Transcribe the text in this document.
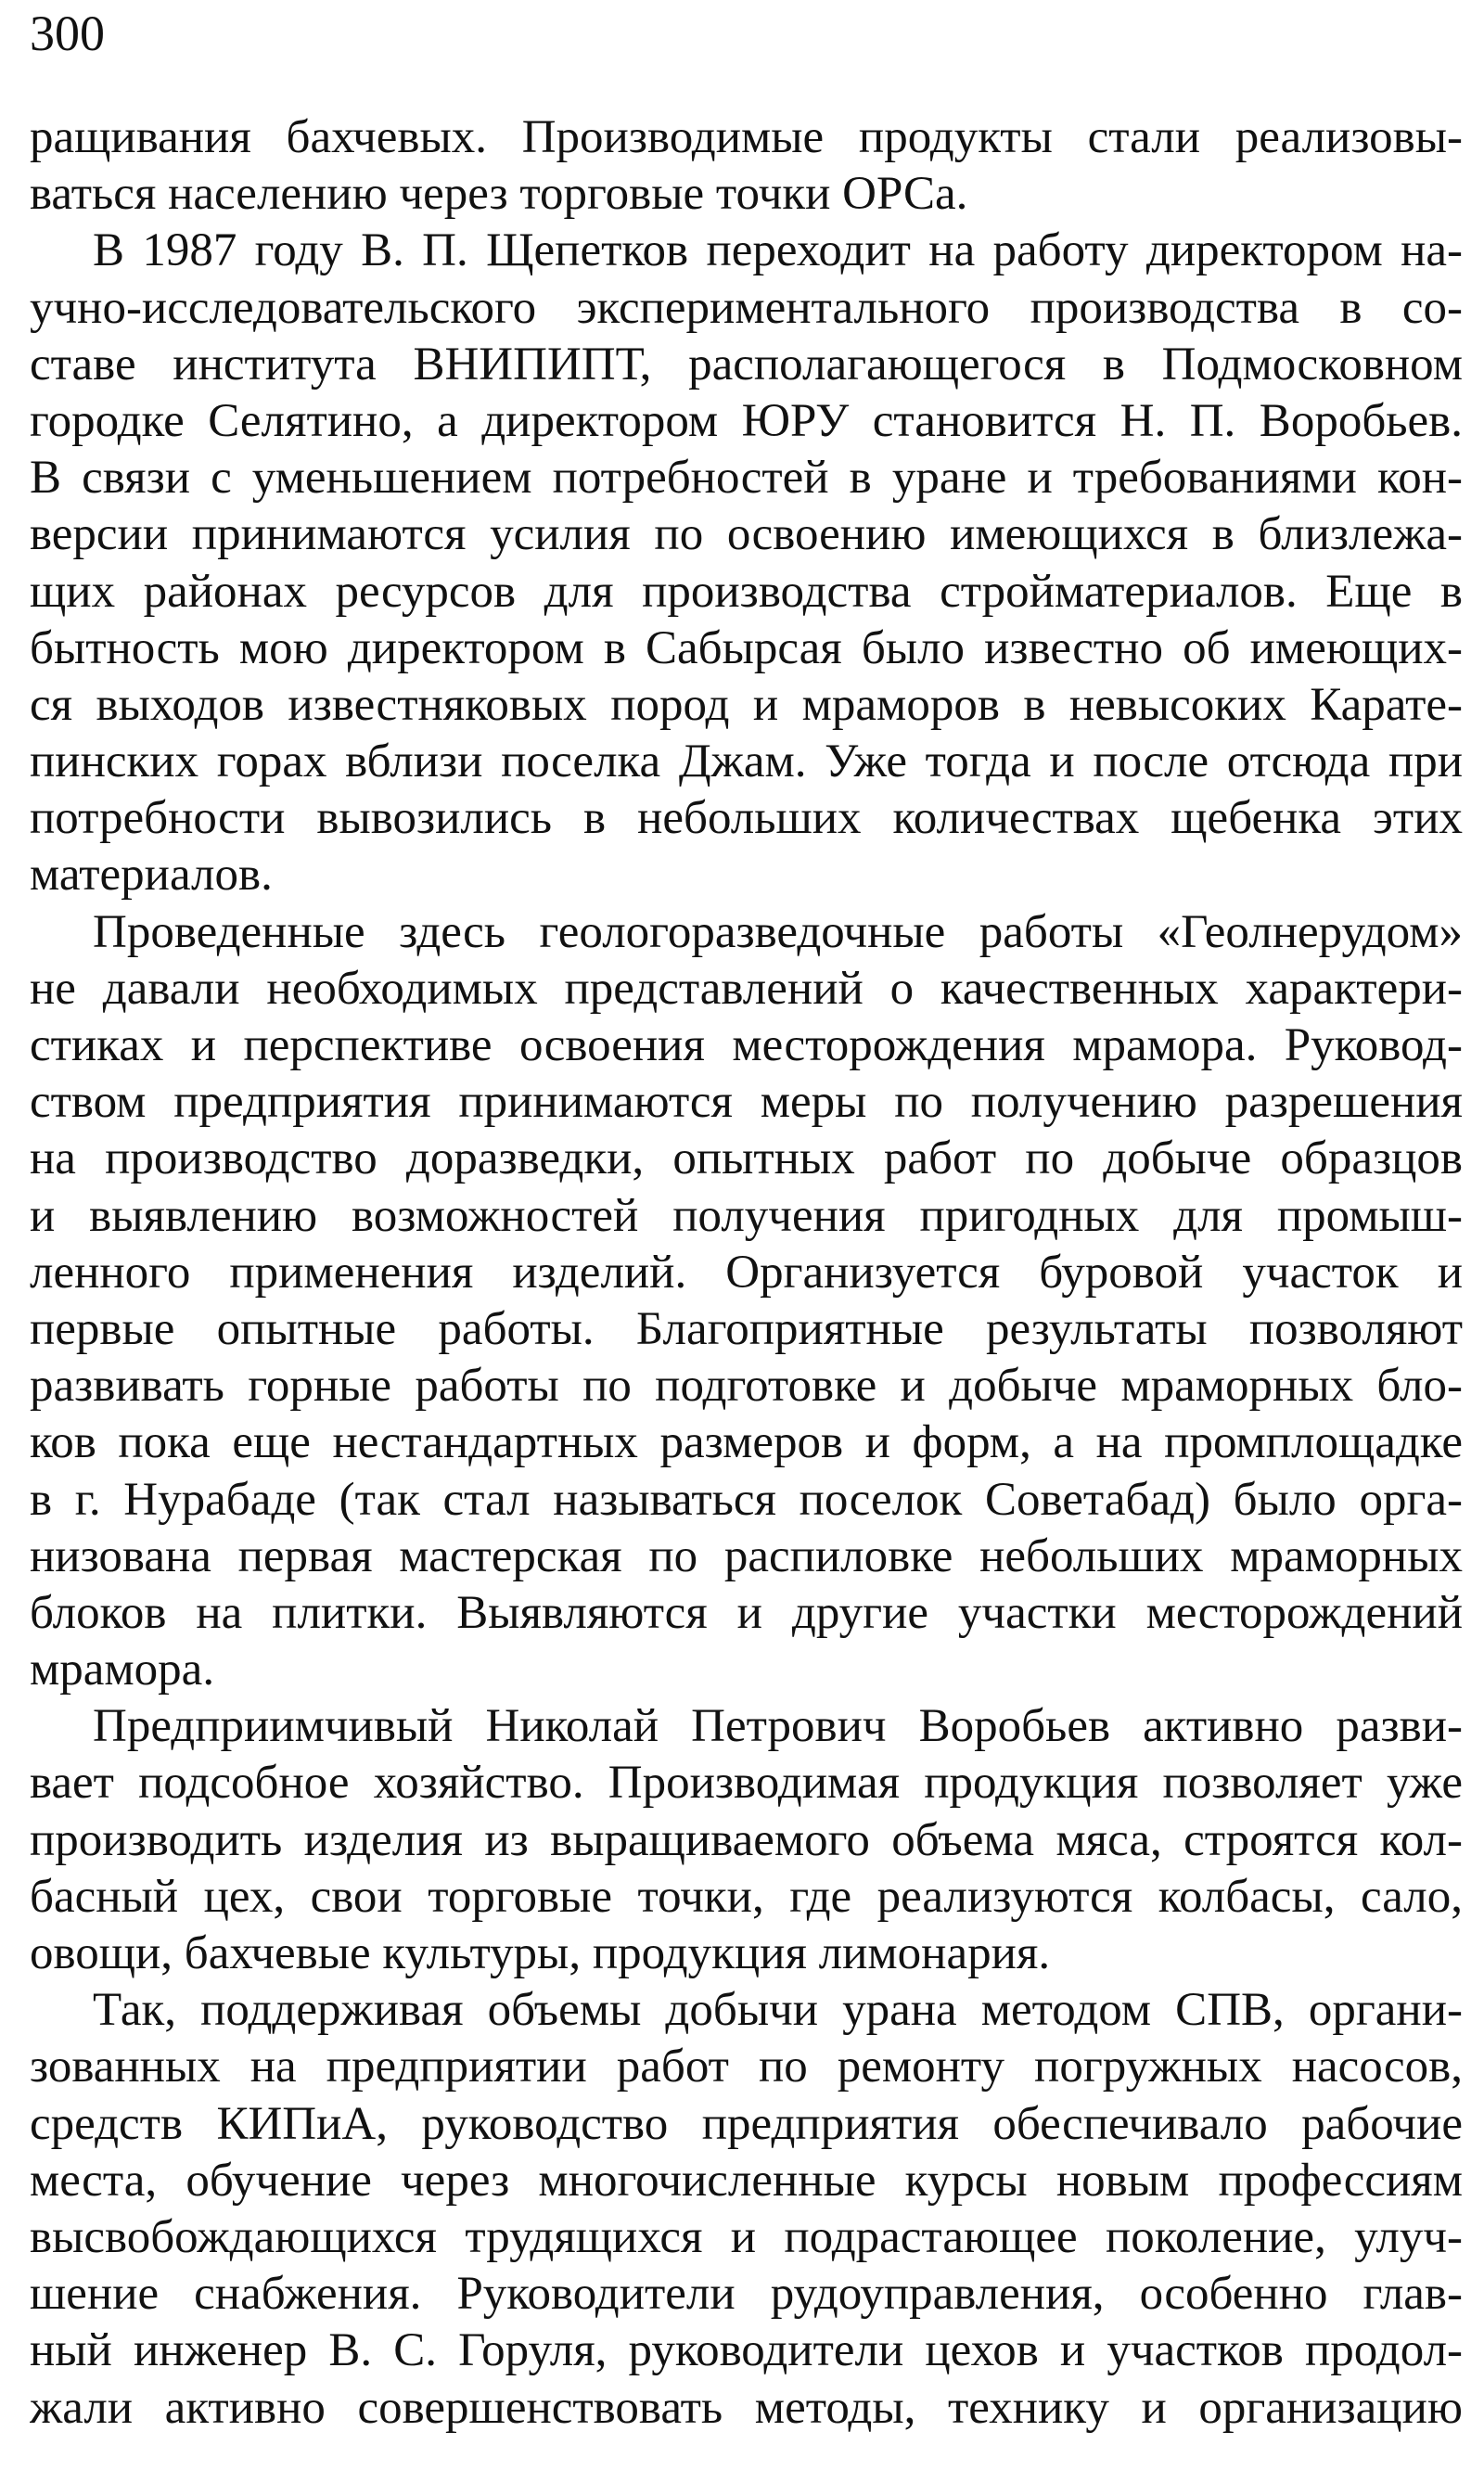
300
ращивания бахчевых. Производимые продукты стали реализовы-
ваться населению через торговые точки ОРСа.
В 1987 году В. П. Щепетков переходит на работу директором на-
учно-исследовательского экспериментального производства в со-
ставе института ВНИПИПТ, располагающегося в Подмосковном
городке Селятино, а директором ЮРУ становится Н. П. Воробьев.
В связи с уменьшением потребностей в уране и требованиями кон-
версии принимаются усилия по освоению имеющихся в близлежа-
щих районах ресурсов для производства стройматериалов. Еще в
бытность мою директором в Сабырсая было известно об имеющих-
ся выходов известняковых пород и мраморов в невысоких Карате-
пинских горах вблизи поселка Джам. Уже тогда и после отсюда при
потребности вывозились в небольших количествах щебенка этих
материалов.
Проведенные здесь геологоразведочные работы «Геолнерудом»
не давали необходимых представлений о качественных характери-
стиках и перспективе освоения месторождения мрамора. Руковод-
ством предприятия принимаются меры по получению разрешения
на производство доразведки, опытных работ по добыче образцов
и выявлению возможностей получения пригодных для промыш-
ленного применения изделий. Организуется буровой участок и
первые опытные работы. Благоприятные результаты позволяют
развивать горные работы по подготовке и добыче мраморных бло-
ков пока еще нестандартных размеров и форм, а на промплощадке
в г. Нурабаде (так стал называться поселок Советабад) было орга-
низована первая мастерская по распиловке небольших мраморных
блоков на плитки. Выявляются и другие участки месторождений
мрамора.
Предприимчивый Николай Петрович Воробьев активно разви-
вает подсобное хозяйство. Производимая продукция позволяет уже
производить изделия из выращиваемого объема мяса, строятся кол-
басный цех, свои торговые точки, где реализуются колбасы, сало,
овощи, бахчевые культуры, продукция лимонария.
Так, поддерживая объемы добычи урана методом СПВ, органи-
зованных на предприятии работ по ремонту погружных насосов,
средств КИПиА, руководство предприятия обеспечивало рабочие
места, обучение через многочисленные курсы новым профессиям
высвобождающихся трудящихся и подрастающее поколение, улуч-
шение снабжения. Руководители рудоуправления, особенно глав-
ный инженер В. С. Горуля, руководители цехов и участков продол-
жали активно совершенствовать методы, технику и организацию
